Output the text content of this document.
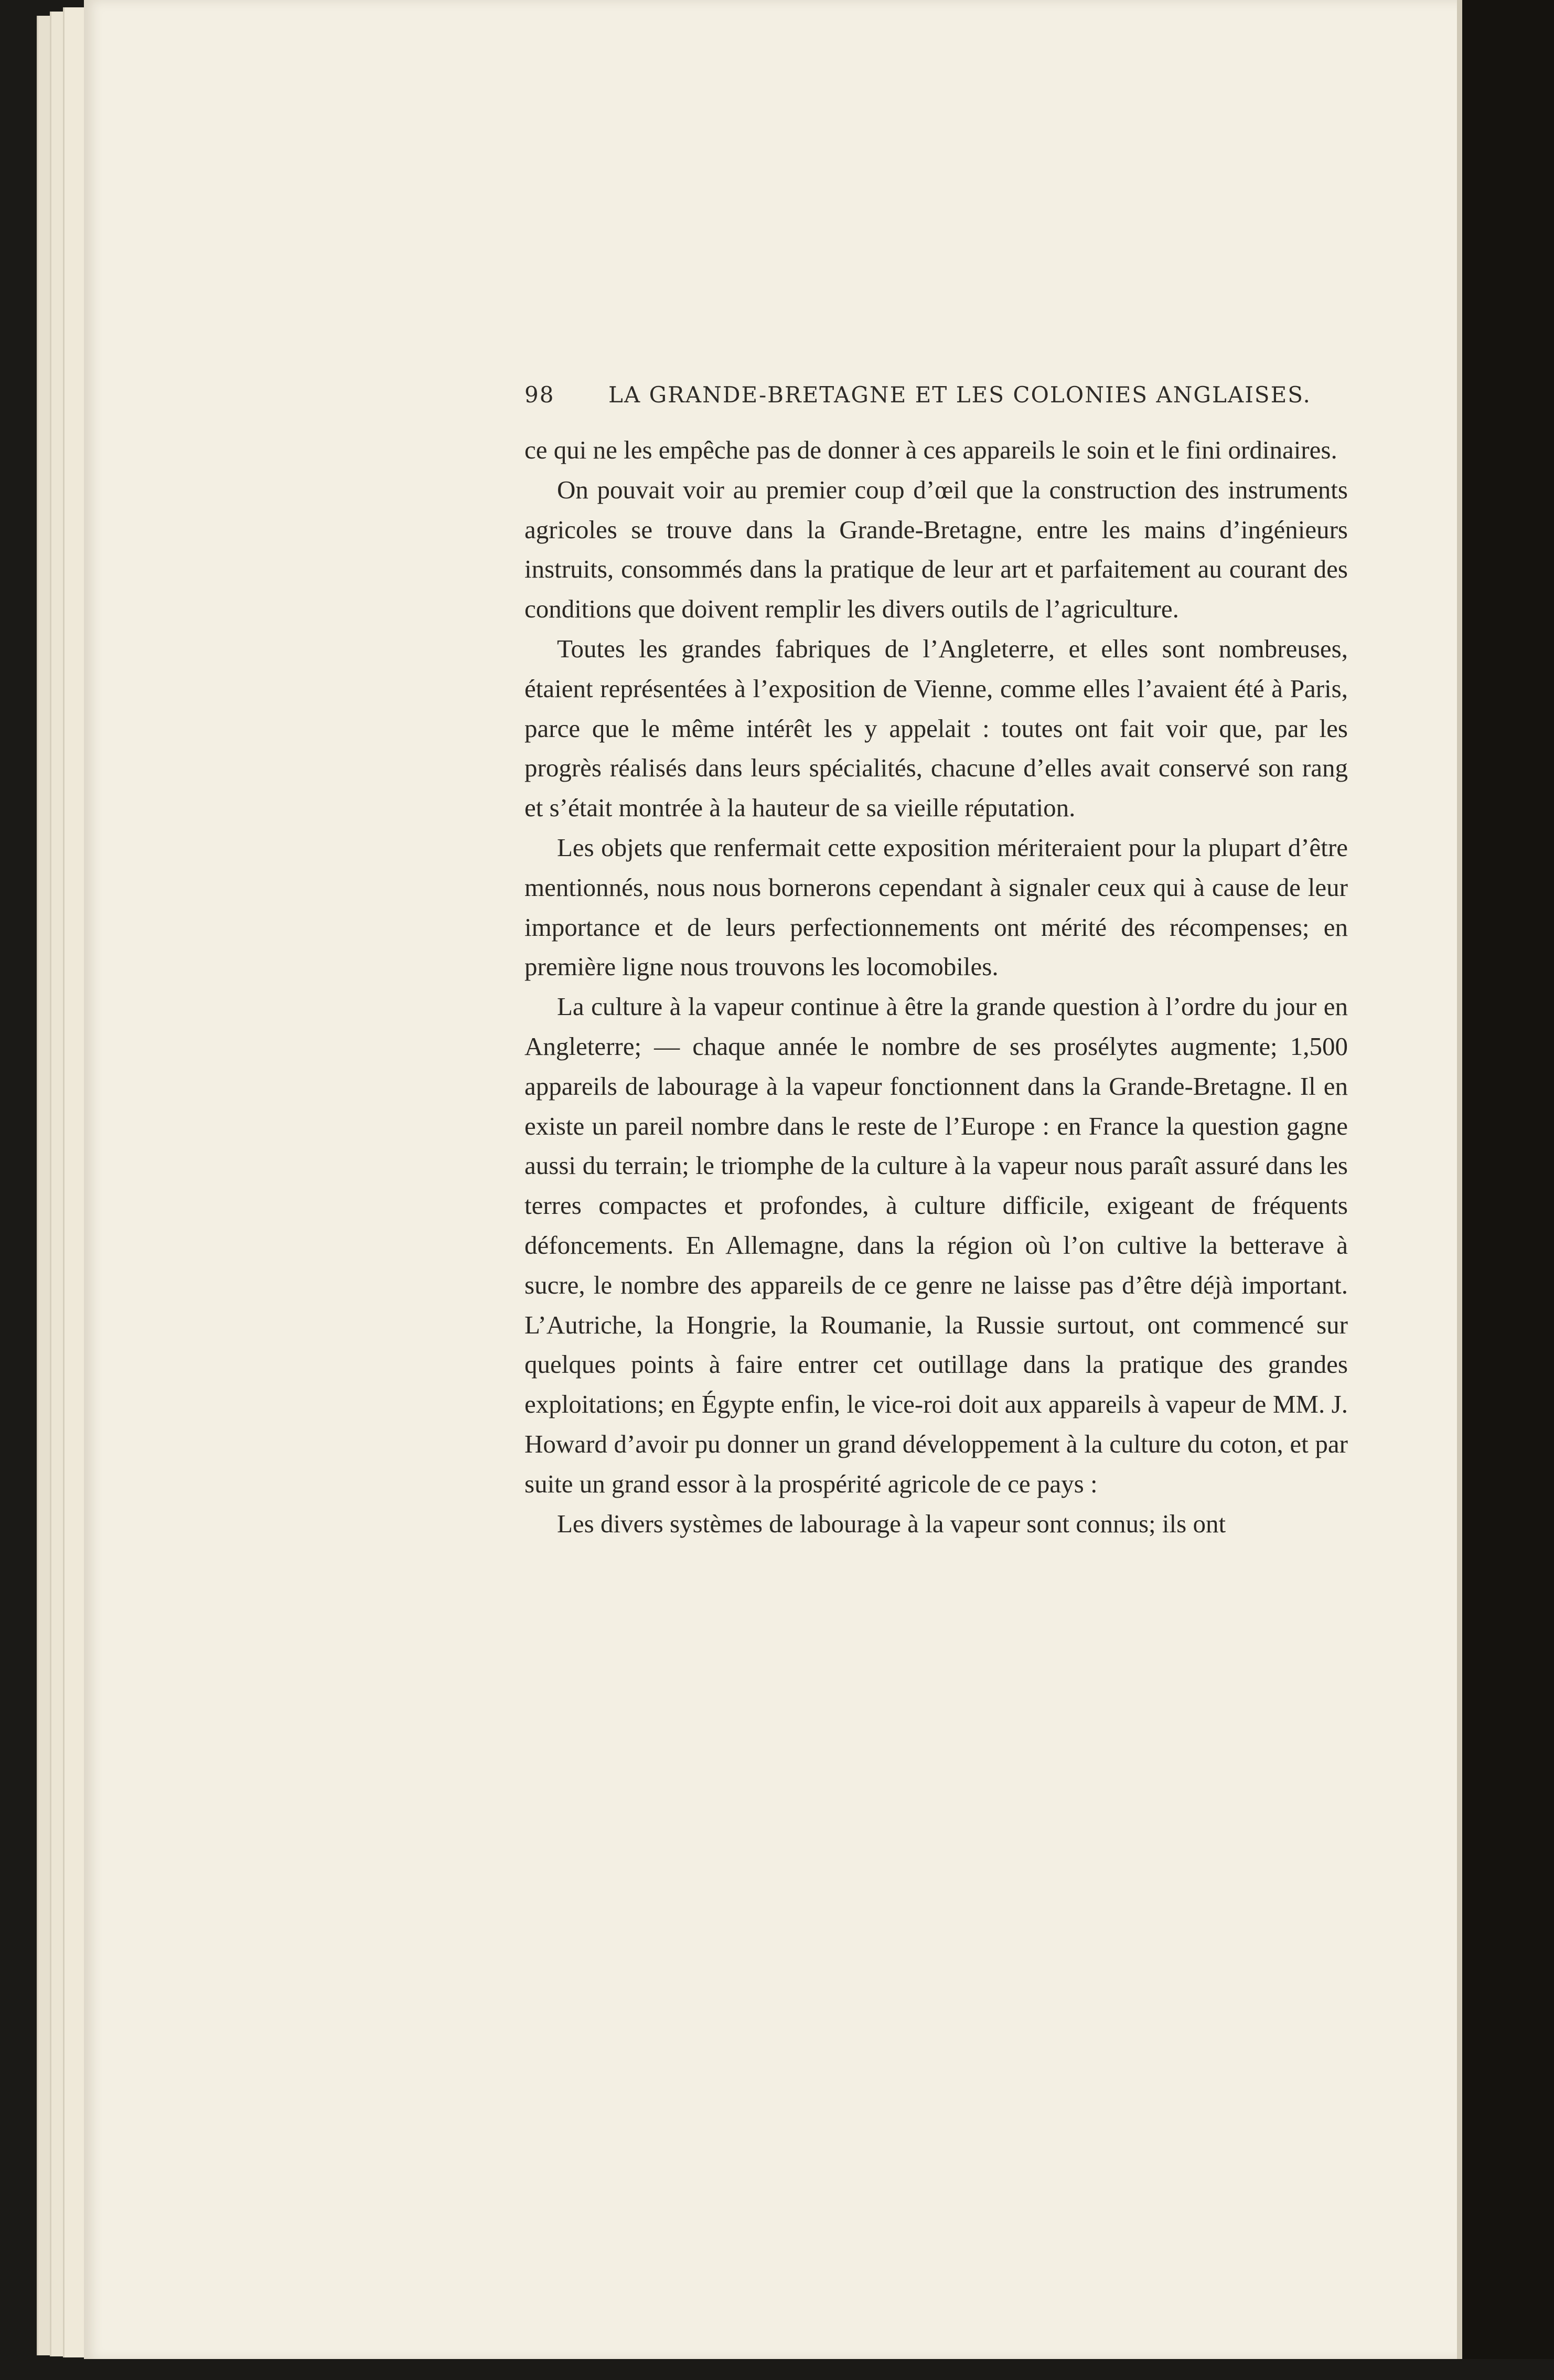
98 LA GRANDE-BRETAGNE ET LES COLONIES ANGLAISES.

ce qui ne les empêche pas de donner à ces appareils le soin et le fini ordinaires.

On pouvait voir au premier coup d’œil que la construction des instruments agricoles se trouve dans la Grande-Bretagne, entre les mains d’ingénieurs instruits, consommés dans la pratique de leur art et parfaitement au courant des conditions que doivent remplir les divers outils de l’agriculture.

Toutes les grandes fabriques de l’Angleterre, et elles sont nombreuses, étaient représentées à l’exposition de Vienne, comme elles l’avaient été à Paris, parce que le même intérêt les y appelait : toutes ont fait voir que, par les progrès réalisés dans leurs spécialités, chacune d’elles avait conservé son rang et s’était montrée à la hauteur de sa vieille réputation.

Les objets que renfermait cette exposition mériteraient pour la plupart d’être mentionnés, nous nous bornerons cependant à signaler ceux qui à cause de leur importance et de leurs perfectionnements ont mérité des récompenses; en première ligne nous trouvons les locomobiles.

La culture à la vapeur continue à être la grande question à l’ordre du jour en Angleterre; — chaque année le nombre de ses prosélytes augmente; 1,500 appareils de labourage à la vapeur fonctionnent dans la Grande-Bretagne. Il en existe un pareil nombre dans le reste de l’Europe : en France la question gagne aussi du terrain; le triomphe de la culture à la vapeur nous paraît assuré dans les terres compactes et profondes, à culture difficile, exigeant de fréquents défoncements. En Allemagne, dans la région où l’on cultive la betterave à sucre, le nombre des appareils de ce genre ne laisse pas d’être déjà important. L’Autriche, la Hongrie, la Roumanie, la Russie surtout, ont commencé sur quelques points à faire entrer cet outillage dans la pratique des grandes exploitations; en Égypte enfin, le vice-roi doit aux appareils à vapeur de MM. J. Howard d’avoir pu donner un grand développement à la culture du coton, et par suite un grand essor à la prospérité agricole de ce pays :

Les divers systèmes de labourage à la vapeur sont connus; ils ont
